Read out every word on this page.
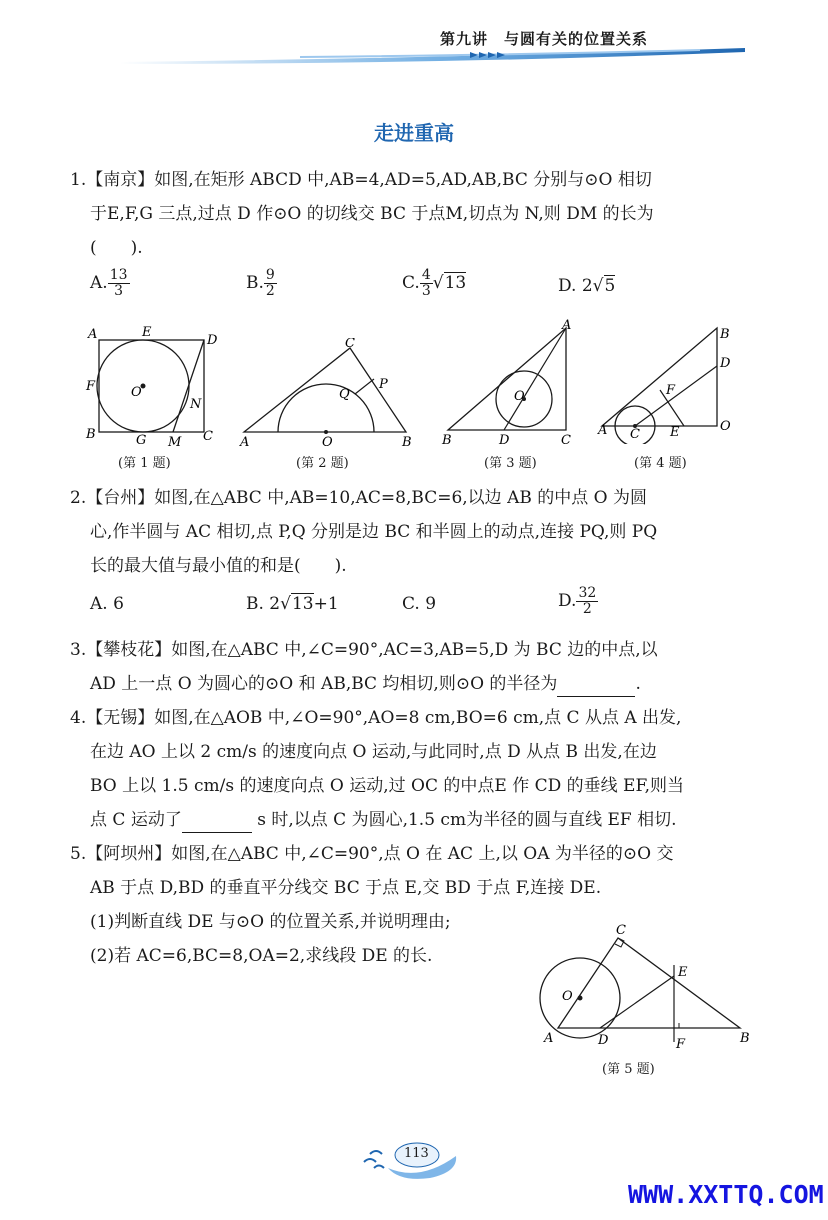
第九讲　与圆有关的位置关系
走进重高
1.【南京】如图,在矩形 ABCD 中,AB=4,AD=5,AD,AB,BC 分别与⊙O 相切
于E,F,G 三点,过点 D 作⊙O 的切线交 BC 于点M,切点为 N,则 DM 的长为
(　　).
A. $\frac{13}{3}$	B. $\frac{9}{2}$	C. $\frac{4}{3} √13$	D. 2√5
A	E
D
F	O
N
B	G M C
(第 1 题)
C
P
Q
A	O	B
(第 2 题)
A
O
B	D	C
(第 3 题)
B
D
F
A C E	O
(第 4 题)
2.【台州】如图,在△ABC 中,AB=10,AC=8,BC=6,以边 AB 的中点 O 为圆
心,作半圆与 AC 相切,点 P,Q 分别是边 BC 和半圆上的动点,连接 PQ,则 PQ
长的最大值与最小值的和是(　　).
A. 6	B. 2√13+1	C. 9	D. $\frac{32}{2}$
3.【攀枝花】如图,在△ABC 中,∠C=90°,AC=3,AB=5,D 为 BC 边的中点,以
AD 上一点 O 为圆心的⊙O 和 AB,BC 均相切,则⊙O 的半径为	.
4.【无锡】如图,在△AOB 中,∠O=90°,AO=8 cm,BO=6 cm,点 C 从点 A 出发,
在边 AO 上以 2 cm/s 的速度向点 O 运动,与此同时,点 D 从点 B 出发,在边
BO 上以 1.5 cm/s 的速度向点 O 运动,过 OC 的中点E 作 CD 的垂线 EF,则当
点 C 运动了	s 时,以点 C 为圆心,1.5 cm为半径的圆与直线 EF 相切.
5.【阿坝州】如图,在△ABC 中,∠C=90°,点 O 在 AC 上,以 OA 为半径的⊙O 交
AB 于点 D,BD 的垂直平分线交 BC 于点 E,交 BD 于点 F,连接 DE.
(1)判断直线 DE 与⊙O 的位置关系,并说明理由;
(2)若 AC=6,BC=8,OA=2,求线段 DE 的长.
C
E
O
A	D	F	B
(第 5 题)
113
WWW.XXTTQ.COM
